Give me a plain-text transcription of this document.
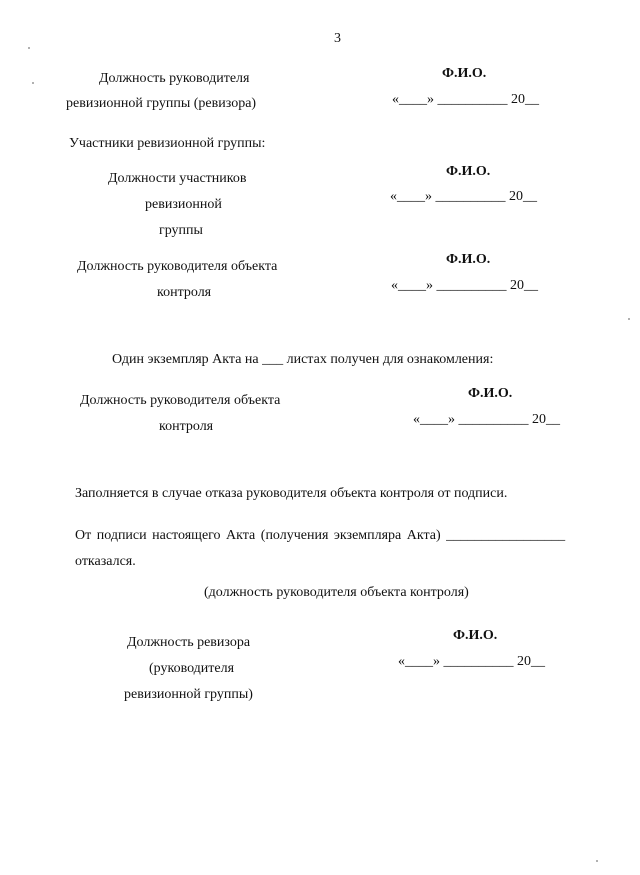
3
Должность руководителя
ревизионной группы (ревизора)
Ф.И.О.
«____» __________ 20__
Участники ревизионной группы:
Должности участников
ревизионной
группы
Ф.И.О.
«____» __________ 20__
Должность руководителя объекта
контроля
Ф.И.О.
«____» __________ 20__
Один экземпляр Акта на ___ листах получен для ознакомления:
Должность руководителя объекта
контроля
Ф.И.О.
«____» __________ 20__
Заполняется в случае отказа руководителя объекта контроля от подписи.
От подписи настоящего Акта (получения экземпляра Акта) _________________
отказался.
(должность руководителя объекта контроля)
Должность ревизора
(руководителя
ревизионной группы)
Ф.И.О.
«____» __________ 20__
